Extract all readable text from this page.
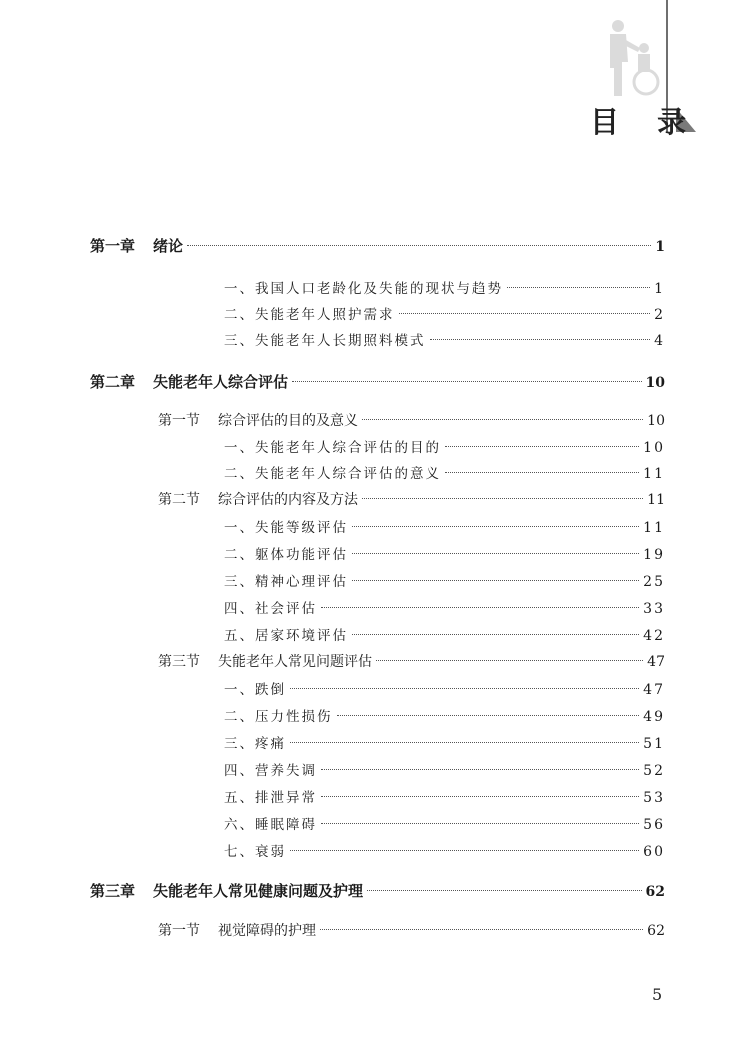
目 录
第一章 绪论	1
一、我国人口老龄化及失能的现状与趋势	1
二、失能老年人照护需求	2
三、失能老年人长期照料模式	4
第二章 失能老年人综合评估	10
第一节 综合评估的目的及意义	10
一、失能老年人综合评估的目的	10
二、失能老年人综合评估的意义	11
第二节 综合评估的内容及方法	11
一、失能等级评估	11
二、躯体功能评估	19
三、精神心理评估	25
四、社会评估	33
五、居家环境评估	42
第三节 失能老年人常见问题评估	47
一、跌倒	47
二、压力性损伤	49
三、疼痛	51
四、营养失调	52
五、排泄异常	53
六、睡眠障碍	56
七、衰弱	60
第三章 失能老年人常见健康问题及护理	62
第一节 视觉障碍的护理	62
5
